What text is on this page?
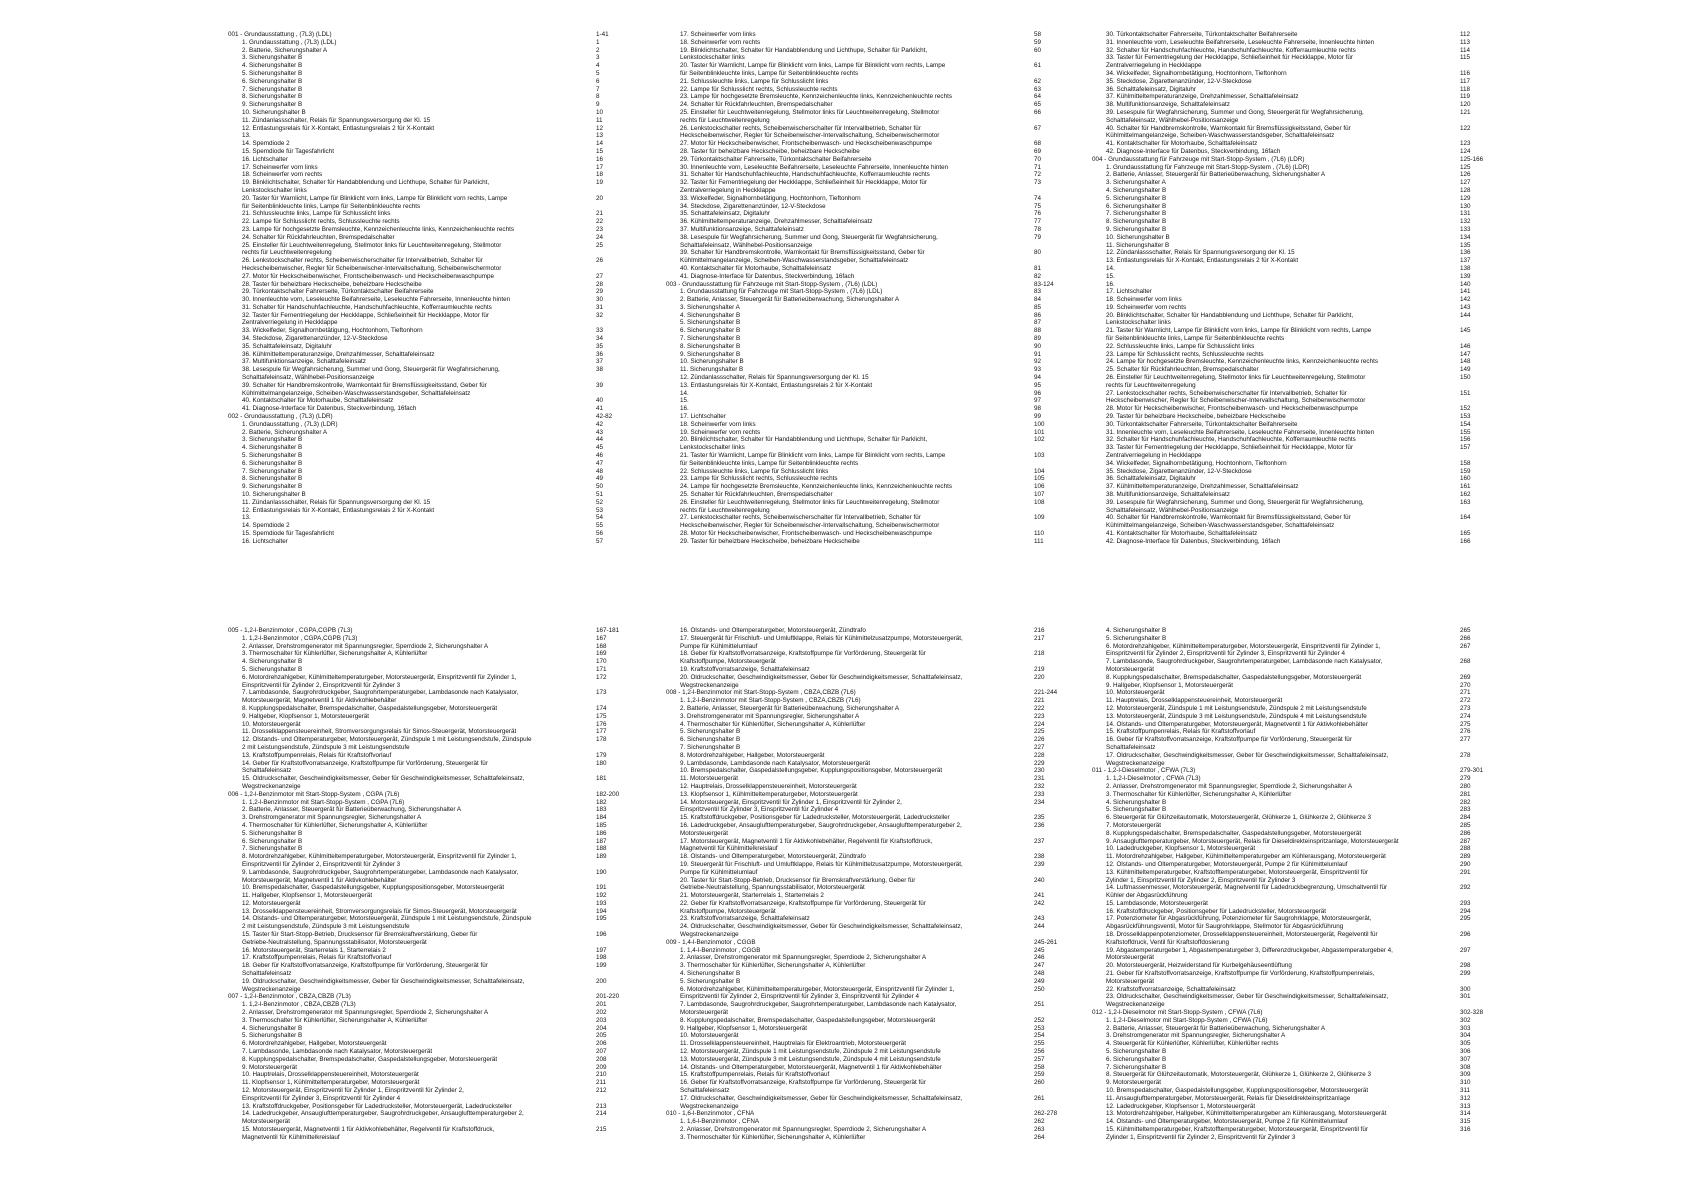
001 - Grundausstattung , (7L3) (LDL)	1-41
1. Grundausstattung , (7L3) (LDL)	1
2. Batterie, Sicherungshalter A	2
3. Sicherungshalter B	3
4. Sicherungshalter B	4
5. Sicherungshalter B	5
6. Sicherungshalter B	6
7. Sicherungshalter B	7
8. Sicherungshalter B	8
9. Sicherungshalter B	9
10. Sicherungshalter B	10
11. Zündanlassschalter, Relais für Spannungsversorgung der Kl. 15	11
12. Entlastungsrelais für X-Kontakt, Entlastungsrelais 2 für X-Kontakt	12
13.	13
14. Spemdiode 2	14
15. Spemdiode für Tagesfahrlicht	15
16. Lichtschalter	16
17. Scheinwerfer vorn links	17
18. Scheinwerfer vorn rechts	18
19. Blinklichtschalter, Schalter für Handabblendung und Lichthupe, Schalter für Parklicht,	19
Lenkstockschalter links
20. Taster für Warnlicht, Lampe für Blinklicht vorn links, Lampe für Blinklicht vorn rechts, Lampe	20
für Seitenblinkleuchte links, Lampe für Seitenblinkleuchte rechts
21. Schlussleuchte links, Lampe für Schlusslicht links	21
22. Lampe für Schlusslicht rechts, Schlussleuchte rechts	22
23. Lampe für hochgesetzte Bremsleuchte, Kennzeichenleuchte links, Kennzeichenleuchte rechts	23
24. Schalter für Rückfahrleuchten, Bremspedalschalter	24
25. Einsteller für Leuchtweitenregelung, Stellmotor links für Leuchtweitenregelung, Stellmotor	25
rechts für Leuchtweitenregelung
26. Lenkstockschalter rechts, Scheibenwischerschalter für Intervallbetrieb, Schalter für	26
Heckscheibenwischer, Regler für Scheibenwischer-Intervallschaltung, Scheibenwischermotor
27. Motor für Heckscheibenwischer, Frontscheibenwasch- und Heckscheibenwaschpumpe	27
28. Taster für beheizbare Heckscheibe, beheizbare Heckscheibe	28
29. Türkontaktschalter Fahrerseite, Türkontaktschalter Beifahrerseite	29
30. Innenleuchte vorn, Leseleuchte Beifahrerseite, Leseleuchte Fahrerseite, Innenleuchte hinten	30
31. Schalter für Handschuhfachleuchte, Handschuhfachleuchte, Kofferraumleuchte rechts	31
32. Taster für Fernentriegelung der Heckklappe, Schließeinheit für Heckklappe, Motor für	32
Zentralverriegelung in Heckklappe
33. Wickelfeder, Signalhornbetätigung, Hochtonhorn, Tieftonhorn	33
34. Steckdose, Zigarettenanzünder, 12-V-Steckdose	34
35. Schalttafeleinsatz, Digitaluhr	35
36. Kühlmitteltemperaturanzeige, Drehzahlmesser, Schalttafeleinsatz	36
37. Multifunktionsanzeige, Schalttafeleinsatz	37
38. Lesespule für Wegfahrsicherung, Summer und Gong, Steuergerät für Wegfahrsicherung,	38
Schalttafeleinsatz, Wählhebel-Positionsanzeige
39. Schalter für Handbremskontrolle, Warnkontakt für Bremsflüssigkeitsstand, Geber für	39
Kühlmittelmangelanzeige, Scheiben-Waschwasserstandsgeber, Schalttafeleinsatz
40. Kontaktschalter für Motorhaube, Schalttafeleinsatz	40
41. Diagnose-Interface für Datenbus, Steckverbindung, 16fach	41
002 - Grundausstattung , (7L3) (LDR)	42-82
1. Grundausstattung , (7L3) (LDR)	42
2. Batterie, Sicherungshalter A	43
3. Sicherungshalter B	44
4. Sicherungshalter B	45
5. Sicherungshalter B	46
6. Sicherungshalter B	47
7. Sicherungshalter B	48
8. Sicherungshalter B	49
9. Sicherungshalter B	50
10. Sicherungshalter B	51
11. Zündanlassschalter, Relais für Spannungsversorgung der Kl. 15	52
12. Entlastungsrelais für X-Kontakt, Entlastungsrelais 2 für X-Kontakt	53
13.	54
14. Spemdiode 2	55
15. Spemdiode für Tagesfahrlicht	56
16. Lichtschalter	57
17. Scheinwerfer vorn links	58
18. Scheinwerfer vorn rechts	59
19. Blinklichtschalter, Schalter für Handabblendung und Lichthupe, Schalter für Parklicht,	60
Lenkstockschalter links
20. Taster für Warnlicht, Lampe für Blinklicht vorn links, Lampe für Blinklicht vorn rechts, Lampe	61
für Seitenblinkleuchte links, Lampe für Seitenblinkleuchte rechts
21. Schlussleuchte links, Lampe für Schlusslicht links	62
22. Lampe für Schlusslicht rechts, Schlussleuchte rechts	63
23. Lampe für hochgesetzte Bremsleuchte, Kennzeichenleuchte links, Kennzeichenleuchte rechts	64
24. Schalter für Rückfahrleuchten, Bremspedalschalter	65
25. Einsteller für Leuchtweitenregelung, Stellmotor links für Leuchtweitenregelung, Stellmotor	66
rechts für Leuchtweitenregelung
26. Lenkstockschalter rechts, Scheibenwischerschalter für Intervallbetrieb, Schalter für	67
Heckscheibenwischer, Regler für Scheibenwischer-Intervallschaltung, Scheibenwischermotor
27. Motor für Heckscheibenwischer, Frontscheibenwasch- und Heckscheibenwaschpumpe	68
28. Taster für beheizbare Heckscheibe, beheizbare Heckscheibe	69
29. Türkontaktschalter Fahrerseite, Türkontaktschalter Beifahrerseite	70
30. Innenleuchte vorn, Leseleuchte Beifahrerseite, Leseleuchte Fahrerseite, Innenleuchte hinten	71
31. Schalter für Handschuhfachleuchte, Handschuhfachleuchte, Kofferraumleuchte rechts	72
32. Taster für Fernentriegelung der Heckklappe, Schließeinheit für Heckklappe, Motor für	73
Zentralverriegelung in Heckklappe
33. Wickelfeder, Signalhornbetätigung, Hochtonhorn, Tieftonhorn	74
34. Steckdose, Zigarettenanzünder, 12-V-Steckdose	75
35. Schalttafeleinsatz, Digitaluhr	76
36. Kühlmitteltemperaturanzeige, Drehzahlmesser, Schalttafeleinsatz	77
37. Multifunktionsanzeige, Schalttafeleinsatz	78
38. Lesespule für Wegfahrsicherung, Summer und Gong, Steuergerät für Wegfahrsicherung,	79
Schalttafeleinsatz, Wählhebel-Positionsanzeige
39. Schalter für Handbremskontrolle, Warnkontakt für Bremsflüssigkeitsstand, Geber für	80
Kühlmittelmangelanzeige, Scheiben-Waschwasserstandsgeber, Schalttafeleinsatz
40. Kontaktschalter für Motorhaube, Schalttafeleinsatz	81
41. Diagnose-Interface für Datenbus, Steckverbindung, 16fach	82
003 - Grundausstattung für Fahrzeuge mit Start-Stopp-System , (7L6) (LDL)	83-124
1. Grundausstattung für Fahrzeuge mit Start-Stopp-System , (7L6) (LDL)	83
2. Batterie, Anlasser, Steuergerät für Batterieüberwachung, Sicherungshalter A	84
3. Sicherungshalter A	85
4. Sicherungshalter B	86
5. Sicherungshalter B	87
6. Sicherungshalter B	88
7. Sicherungshalter B	89
8. Sicherungshalter B	90
9. Sicherungshalter B	91
10. Sicherungshalter B	92
11. Sicherungshalter B	93
12. Zündanlassschalter, Relais für Spannungsversorgung der Kl. 15	94
13. Entlastungsrelais für X-Kontakt, Entlastungsrelais 2 für X-Kontakt	95
14.	96
15.	97
16.	98
17. Lichtschalter	99
18. Scheinwerfer vorn links	100
19. Scheinwerfer vorn rechts	101
20. Blinklichtschalter, Schalter für Handabblendung und Lichthupe, Schalter für Parklicht,	102
Lenkstockschalter links
21. Taster für Warnlicht, Lampe für Blinklicht vorn links, Lampe für Blinklicht vorn rechts, Lampe	103
für Seitenblinkleuchte links, Lampe für Seitenblinkleuchte rechts
22. Schlussleuchte links, Lampe für Schlusslicht links	104
23. Lampe für Schlusslicht rechts, Schlussleuchte rechts	105
24. Lampe für hochgesetzte Bremsleuchte, Kennzeichenleuchte links, Kennzeichenleuchte rechts	106
25. Schalter für Rückfahrleuchten, Bremspedalschalter	107
26. Einsteller für Leuchtweitenregelung, Stellmotor links für Leuchtweitenregelung, Stellmotor	108
rechts für Leuchtweitenregelung
27. Lenkstockschalter rechts, Scheibenwischerschalter für Intervallbetrieb, Schalter für	109
Heckscheibenwischer, Regler für Scheibenwischer-Intervallschaltung, Scheibenwischermotor
28. Motor für Heckscheibenwischer, Frontscheibenwasch- und Heckscheibenwaschpumpe	110
29. Taster für beheizbare Heckscheibe, beheizbare Heckscheibe	111
30. Türkontaktschalter Fahrerseite, Türkontaktschalter Beifahrerseite	112
31. Innenleuchte vorn, Leseleuchte Beifahrerseite, Leseleuchte Fahrerseite, Innenleuchte hinten	113
32. Schalter für Handschuhfachleuchte, Handschuhfachleuchte, Kofferraumleuchte rechts	114
33. Taster für Fernentriegelung der Heckklappe, Schließeinheit für Heckklappe, Motor für	115
Zentralverriegelung in Heckklappe
34. Wickelfeder, Signalhornbetätigung, Hochtonhorn, Tieftonhorn	116
35. Steckdose, Zigarettenanzünder, 12-V-Steckdose	117
36. Schalttafeleinsatz, Digitaluhr	118
37. Kühlmitteltemperaturanzeige, Drehzahlmesser, Schalttafeleinsatz	119
38. Multifunktionsanzeige, Schalttafeleinsatz	120
39. Lesespule für Wegfahrsicherung, Summer und Gong, Steuergerät für Wegfahrsicherung,	121
Schalttafeleinsatz, Wählhebel-Positionsanzeige
40. Schalter für Handbremskontrolle, Warnkontakt für Bremsflüssigkeitsstand, Geber für	122
Kühlmittelmangelanzeige, Scheiben-Waschwasserstandsgeber, Schalttafeleinsatz
41. Kontaktschalter für Motorhaube, Schalttafeleinsatz	123
42. Diagnose-Interface für Datenbus, Steckverbindung, 16fach	124
004 - Grundausstattung für Fahrzeuge mit Start-Stopp-System , (7L6) (LDR)	125-166
1. Grundausstattung für Fahrzeuge mit Start-Stopp-System , (7L6) (LDR)	125
2. Batterie, Anlasser, Steuergerät für Batterieüberwachung, Sicherungshalter A	126
3. Sicherungshalter A	127
4. Sicherungshalter B	128
5. Sicherungshalter B	129
6. Sicherungshalter B	130
7. Sicherungshalter B	131
8. Sicherungshalter B	132
9. Sicherungshalter B	133
10. Sicherungshalter B	134
11. Sicherungshalter B	135
12. Zündanlassschalter, Relais für Spannungsversorgung der Kl. 15	136
13. Entlastungsrelais für X-Kontakt, Entlastungsrelais 2 für X-Kontakt	137
14.	138
15.	139
16.	140
17. Lichtschalter	141
18. Scheinwerfer vorn links	142
19. Scheinwerfer vorn rechts	143
20. Blinklichtschalter, Schalter für Handabblendung und Lichthupe, Schalter für Parklicht,	144
Lenkstockschalter links
21. Taster für Warnlicht, Lampe für Blinklicht vorn links, Lampe für Blinklicht vorn rechts, Lampe	145
für Seitenblinkleuchte links, Lampe für Seitenblinkleuchte rechts
22. Schlussleuchte links, Lampe für Schlusslicht links	146
23. Lampe für Schlusslicht rechts, Schlussleuchte rechts	147
24. Lampe für hochgesetzte Bremsleuchte, Kennzeichenleuchte links, Kennzeichenleuchte rechts	148
25. Schalter für Rückfahrleuchten, Bremspedalschalter	149
26. Einsteller für Leuchtweitenregelung, Stellmotor links für Leuchtweitenregelung, Stellmotor	150
rechts für Leuchtweitenregelung
27. Lenkstockschalter rechts, Scheibenwischerschalter für Intervallbetrieb, Schalter für	151
Heckscheibenwischer, Regler für Scheibenwischer-Intervallschaltung, Scheibenwischermotor
28. Motor für Heckscheibenwischer, Frontscheibenwasch- und Heckscheibenwaschpumpe	152
29. Taster für beheizbare Heckscheibe, beheizbare Heckscheibe	153
30. Türkontaktschalter Fahrerseite, Türkontaktschalter Beifahrerseite	154
31. Innenleuchte vorn, Leseleuchte Beifahrerseite, Leseleuchte Fahrerseite, Innenleuchte hinten	155
32. Schalter für Handschuhfachleuchte, Handschuhfachleuchte, Kofferraumleuchte rechts	156
33. Taster für Fernentriegelung der Heckklappe, Schließeinheit für Heckklappe, Motor für	157
Zentralverriegelung in Heckklappe
34. Wickelfeder, Signalhornbetätigung, Hochtonhorn, Tieftonhorn	158
35. Steckdose, Zigarettenanzünder, 12-V-Steckdose	159
36. Schalttafeleinsatz, Digitaluhr	160
37. Kühlmitteltemperaturanzeige, Drehzahlmesser, Schalttafeleinsatz	161
38. Multifunktionsanzeige, Schalttafeleinsatz	162
39. Lesespule für Wegfahrsicherung, Summer und Gong, Steuergerät für Wegfahrsicherung,	163
Schalttafeleinsatz, Wählhebel-Positionsanzeige
40. Schalter für Handbremskontrolle, Warnkontakt für Bremsflüssigkeitsstand, Geber für	164
Kühlmittelmangelanzeige, Scheiben-Waschwasserstandsgeber, Schalttafeleinsatz
41. Kontaktschalter für Motorhaube, Schalttafeleinsatz	165
42. Diagnose-Interface für Datenbus, Steckverbindung, 16fach	166
005 - 1,2-l-Benzinmotor , CGPA,CGPB (7L3)	167-181
1. 1,2-l-Benzinmotor , CGPA,CGPB (7L3)	167
2. Anlasser, Drehstromgenerator mit Spannungsregler, Sperrdiode 2, Sicherungshalter A	168
3. Thermoschalter für Kühlerlüfter, Sicherungshalter A, Kühlerlüfter	169
4. Sicherungshalter B	170
5. Sicherungshalter B	171
6. Motordrehzahlgeber, Kühlmitteltemperaturgeber, Motorsteuergerät, Einspritzventil für Zylinder 1,	172
Einspritzventil für Zylinder 2, Einspritzventil für Zylinder 3
7. Lambdasonde, Saugrohrdruckgeber, Saugrohrtemperaturgeber, Lambdasonde nach Katalysator,	173
Motorsteuergerät, Magnetventil 1 für Aktivkohlebehälter
8. Kupplungspedalschalter, Bremspedalschalter, Gaspedalstellungsgeber, Motorsteuergerät	174
9. Hallgeber, Klopfsensor 1, Motorsteuergerät	175
10. Motorsteuergerät	176
11. Drosselklappensteuereinheit, Stromversorgungsrelais für Simos-Steuergerät, Motorsteuergerät	177
12. Ölstands- und Öltemperaturgeber, Motorsteuergerät, Zündspule 1 mit Leistungsendstufe, Zündspule	178
2 mit Leistungsendstufe, Zündspule 3 mit Leistungsendstufe
13. Kraftstoffpumpenrelais, Relais für Kraftstoffvorlauf	179
14. Geber für Kraftstoffvorratsanzeige, Kraftstoffpumpe für Vorförderung, Steuergerät für	180
Schalttafeleinsatz
15. Öldruckschalter, Geschwindigkeitsmesser, Geber für Geschwindigkeitsmesser, Schalttafeleinsatz,	181
Wegstreckenanzeige
006 - 1,2-l-Benzinmotor mit Start-Stopp-System , CGPA (7L6)	182-200
1. 1,2-l-Benzinmotor mit Start-Stopp-System , CGPA (7L6)	182
2. Batterie, Anlasser, Steuergerät für Batterieüberwachung, Sicherungshalter A	183
3. Drehstromgenerator mit Spannungsregler, Sicherungshalter A	184
4. Thermoschalter für Kühlerlüfter, Sicherungshalter A, Kühlerlüfter	185
5. Sicherungshalter B	186
6. Sicherungshalter B	187
7. Sicherungshalter B	188
8. Motordrehzahlgeber, Kühlmitteltemperaturgeber, Motorsteuergerät, Einspritzventil für Zylinder 1,	189
Einspritzventil für Zylinder 2, Einspritzventil für Zylinder 3
9. Lambdasonde, Saugrohrdruckgeber, Saugrohrtemperaturgeber, Lambdasonde nach Katalysator,	190
Motorsteuergerät, Magnetventil 1 für Aktivkohlebehälter
10. Bremspedalschalter, Gaspedalstellungsgeber, Kupplungspositionsgeber, Motorsteuergerät	191
11. Hallgeber, Klopfsensor 1, Motorsteuergerät	192
12. Motorsteuergerät	193
13. Drosselklappensteuereinheit, Stromversorgungsrelais für Simos-Steuergerät, Motorsteuergerät	194
14. Ölstands- und Öltemperaturgeber, Motorsteuergerät, Zündspule 1 mit Leistungsendstufe, Zündspule	195
2 mit Leistungsendstufe, Zündspule 3 mit Leistungsendstufe
15. Taster für Start-Stopp-Betrieb, Drucksensor für Bremskraftverstärkung, Geber für	196
Getriebe-Neutralstellung, Spannungsstabilisator, Motorsteuergerät
16. Motorsteuergerät, Starterrelais 1, Starterrelais 2	197
17. Kraftstoffpumpenrelais, Relais für Kraftstoffvorlauf	198
18. Geber für Kraftstoffvorratsanzeige, Kraftstoffpumpe für Vorförderung, Steuergerät für	199
Schalttafeleinsatz
19. Öldruckschalter, Geschwindigkeitsmesser, Geber für Geschwindigkeitsmesser, Schalttafeleinsatz,	200
Wegstreckenanzeige
007 - 1,2-l-Benzinmotor , CBZA,CBZB (7L3)	201-220
1. 1,2-l-Benzinmotor , CBZA,CBZB (7L3)	201
2. Anlasser, Drehstromgenerator mit Spannungsregler, Sperrdiode 2, Sicherungshalter A	202
3. Thermoschalter für Kühlerlüfter, Sicherungshalter A, Kühlerlüfter	203
4. Sicherungshalter B	204
5. Sicherungshalter B	205
6. Motordrehzahlgeber, Hallgeber, Motorsteuergerät	206
7. Lambdasonde, Lambdasonde nach Katalysator, Motorsteuergerät	207
8. Kupplungspedalschalter, Bremspedalschalter, Gaspedalstellungsgeber, Motorsteuergerät	208
9. Motorsteuergerät	209
10. Hauptrelais, Drosselklappensteuereinheit, Motorsteuergerät	210
11. Klopfsensor 1, Kühlmitteltemperaturgeber, Motorsteuergerät	211
12. Motorsteuergerät, Einspritzventil für Zylinder 1, Einspritzventil für Zylinder 2,	212
Einspritzventil für Zylinder 3, Einspritzventil für Zylinder 4
13. Kraftstoffdruckgeber, Positionsgeber für Ladedrucksteller, Motorsteuergerät, Ladedrucksteller	213
14. Ladedruckgeber, Ansauglufttemperaturgeber, Saugrohrdruckgeber, Ansauglufttemperaturgeber 2,	214
Motorsteuergerät
15. Motorsteuergerät, Magnetventil 1 für Aktivkohlebehälter, Regelventil für Kraftstoffdruck,	215
Magnetventil für Kühlmittelkreislauf
16. Ölstands- und Öltemperaturgeber, Motorsteuergerät, Zündtrafo	216
17. Steuergerät für Frischluft- und Umluftklappe, Relais für Kühlmittelzusatzpumpe, Motorsteuergerät,	217
Pumpe für Kühlmittelumlauf
18. Geber für Kraftstoffvorratsanzeige, Kraftstoffpumpe für Vorförderung, Steuergerät für	218
Kraftstoffpumpe, Motorsteuergerät
19. Kraftstoffvorratsanzeige, Schalttafeleinsatz	219
20. Öldruckschalter, Geschwindigkeitsmesser, Geber für Geschwindigkeitsmesser, Schalttafeleinsatz,	220
Wegstreckenanzeige
008 - 1,2-l-Benzinmotor mit Start-Stopp-System , CBZA,CBZB (7L6)	221-244
1. 1,2-l-Benzinmotor mit Start-Stopp-System , CBZA,CBZB (7L6)	221
2. Batterie, Anlasser, Steuergerät für Batterieüberwachung, Sicherungshalter A	222
3. Drehstromgenerator mit Spannungsregler, Sicherungshalter A	223
4. Thermoschalter für Kühlerlüfter, Sicherungshalter A, Kühlerlüfter	224
5. Sicherungshalter B	225
6. Sicherungshalter B	226
7. Sicherungshalter B	227
8. Motordrehzahlgeber, Hallgeber, Motorsteuergerät	228
9. Lambdasonde, Lambdasonde nach Katalysator, Motorsteuergerät	229
10. Bremspedalschalter, Gaspedalstellungsgeber, Kupplungspositionsgeber, Motorsteuergerät	230
11. Motorsteuergerät	231
12. Hauptrelais, Drosselklappensteuereinheit, Motorsteuergerät	232
13. Klopfsensor 1, Kühlmitteltemperaturgeber, Motorsteuergerät	233
14. Motorsteuergerät, Einspritzventil für Zylinder 1, Einspritzventil für Zylinder 2,	234
Einspritzventil für Zylinder 3, Einspritzventil für Zylinder 4
15. Kraftstoffdruckgeber, Positionsgeber für Ladedrucksteller, Motorsteuergerät, Ladedrucksteller	235
16. Ladedruckgeber, Ansauglufttemperaturgeber, Saugrohrdruckgeber, Ansauglufttemperaturgeber 2,	236
Motorsteuergerät
17. Motorsteuergerät, Magnetventil 1 für Aktivkohlebehälter, Regelventil für Kraftstoffdruck,	237
Magnetventil für Kühlmittelkreislauf
18. Ölstands- und Öltemperaturgeber, Motorsteuergerät, Zündtrafo	238
19. Steuergerät für Frischluft- und Umluftklappe, Relais für Kühlmittelzusatzpumpe, Motorsteuergerät,	239
Pumpe für Kühlmittelumlauf
20. Taster für Start-Stopp-Betrieb, Drucksensor für Bremskraftverstärkung, Geber für	240
Getriebe-Neutralstellung, Spannungsstabilisator, Motorsteuergerät
21. Motorsteuergerät, Starterrelais 1, Starterrelais 2	241
22. Geber für Kraftstoffvorratsanzeige, Kraftstoffpumpe für Vorförderung, Steuergerät für	242
Kraftstoffpumpe, Motorsteuergerät
23. Kraftstoffvorratsanzeige, Schalttafeleinsatz	243
24. Öldruckschalter, Geschwindigkeitsmesser, Geber für Geschwindigkeitsmesser, Schalttafeleinsatz,	244
Wegstreckenanzeige
009 - 1,4-l-Benzinmotor , CGGB	245-261
1. 1,4-l-Benzinmotor , CGGB	245
2. Anlasser, Drehstromgenerator mit Spannungsregler, Sperrdiode 2, Sicherungshalter A	246
3. Thermoschalter für Kühlerlüfter, Sicherungshalter A, Kühlerlüfter	247
4. Sicherungshalter B	248
5. Sicherungshalter B	249
6. Motordrehzahlgeber, Kühlmitteltemperaturgeber, Motorsteuergerät, Einspritzventil für Zylinder 1,	250
Einspritzventil für Zylinder 2, Einspritzventil für Zylinder 3, Einspritzventil für Zylinder 4
7. Lambdasonde, Saugrohrdruckgeber, Saugrohrtemperaturgeber, Lambdasonde nach Katalysator,	251
Motorsteuergerät
8. Kupplungspedalschalter, Bremspedalschalter, Gaspedalstellungsgeber, Motorsteuergerät	252
9. Hallgeber, Klopfsensor 1, Motorsteuergerät	253
10. Motorsteuergerät	254
11. Drosselklappensteuereinheit, Hauptrelais für Elektroantrieb, Motorsteuergerät	255
12. Motorsteuergerät, Zündspule 1 mit Leistungsendstufe, Zündspule 2 mit Leistungsendstufe	256
13. Motorsteuergerät, Zündspule 3 mit Leistungsendstufe, Zündspule 4 mit Leistungsendstufe	257
14. Ölstands- und Öltemperaturgeber, Motorsteuergerät, Magnetventil 1 für Aktivkohlebehälter	258
15. Kraftstoffpumpenrelais, Relais für Kraftstoffvorlauf	259
16. Geber für Kraftstoffvorratsanzeige, Kraftstoffpumpe für Vorförderung, Steuergerät für	260
Schalttafeleinsatz
17. Öldruckschalter, Geschwindigkeitsmesser, Geber für Geschwindigkeitsmesser, Schalttafeleinsatz,	261
Wegstreckenanzeige
010 - 1,6-l-Benzinmotor , CFNA	262-278
1. 1,6-l-Benzinmotor , CFNA	262
2. Anlasser, Drehstromgenerator mit Spannungsregler, Sperrdiode 2, Sicherungshalter A	263
3. Thermoschalter für Kühlerlüfter, Sicherungshalter A, Kühlerlüfter	264
4. Sicherungshalter B	265
5. Sicherungshalter B	266
6. Motordrehzahlgeber, Kühlmitteltemperaturgeber, Motorsteuergerät, Einspritzventil für Zylinder 1,	267
Einspritzventil für Zylinder 2, Einspritzventil für Zylinder 3, Einspritzventil für Zylinder 4
7. Lambdasonde, Saugrohrdruckgeber, Saugrohrtemperaturgeber, Lambdasonde nach Katalysator,	268
Motorsteuergerät
8. Kupplungspedalschalter, Bremspedalschalter, Gaspedalstellungsgeber, Motorsteuergerät	269
9. Hallgeber, Klopfsensor 1, Motorsteuergerät	270
10. Motorsteuergerät	271
11. Hauptrelais, Drosselklappensteuereinheit, Motorsteuergerät	272
12. Motorsteuergerät, Zündspule 1 mit Leistungsendstufe, Zündspule 2 mit Leistungsendstufe	273
13. Motorsteuergerät, Zündspule 3 mit Leistungsendstufe, Zündspule 4 mit Leistungsendstufe	274
14. Ölstands- und Öltemperaturgeber, Motorsteuergerät, Magnetventil 1 für Aktivkohlebehälter	275
15. Kraftstoffpumpenrelais, Relais für Kraftstoffvorlauf	276
16. Geber für Kraftstoffvorratsanzeige, Kraftstoffpumpe für Vorförderung, Steuergerät für	277
Schalttafeleinsatz
17. Öldruckschalter, Geschwindigkeitsmesser, Geber für Geschwindigkeitsmesser, Schalttafeleinsatz,	278
Wegstreckenanzeige
011 - 1,2-l-Dieselmotor , CFWA (7L3)	279-301
1. 1,2-l-Dieselmotor , CFWA (7L3)	279
2. Anlasser, Drehstromgenerator mit Spannungsregler, Sperrdiode 2, Sicherungshalter A	280
3. Thermoschalter für Kühlerlüfter, Sicherungshalter A, Kühlerlüfter	281
4. Sicherungshalter B	282
5. Sicherungshalter B	283
6. Steuergerät für Glühzeitautomatik, Motorsteuergerät, Glühkerze 1, Glühkerze 2, Glühkerze 3	284
7. Motorsteuergerät	285
8. Kupplungspedalschalter, Bremspedalschalter, Gaspedalstellungsgeber, Motorsteuergerät	286
9. Ansauglufttemperaturgeber, Motorsteuergerät, Relais für Dieseldirekteinspritzanlage, Motorsteuergerät	287
10. Ladedruckgeber, Klopfsensor 1, Motorsteuergerät	288
11. Motordrehzahlgeber, Hallgeber, Kühlmitteltemperaturgeber am Kühlerausgang, Motorsteuergerät	289
12. Ölstands- und Öltemperaturgeber, Motorsteuergerät, Pumpe 2 für Kühlmittelumlauf	290
13. Kühlmitteltemperaturgeber, Kraftstofftemperaturgeber, Motorsteuergerät, Einspritzventil für	291
Zylinder 1, Einspritzventil für Zylinder 2, Einspritzventil für Zylinder 3
14. Luftmassenmesser, Motorsteuergerät, Magnetventil für Ladedruckbegrenzung, Umschaltventil für	292
Kühler der Abgasrückführung
15. Lambdasonde, Motorsteuergerät	293
16. Kraftstoffdruckgeber, Positionsgeber für Ladedrucksteller, Motorsteuergerät	294
17. Potenziometer für Abgasrückführung, Potenziometer für Saugrohrklappe, Motorsteuergerät,	295
Abgasrückführungsventil, Motor für Saugrohrklappe, Stellmotor für Abgasrückführung
18. Drosselklappenpotenziometer, Drosselklappensteuereinheit, Motorsteuergerät, Regelventil für	296
Kraftstoffdruck, Ventil für Kraftstoffdosierung
19. Abgastemperaturgeber 1, Abgastemperaturgeber 3, Differenzdruckgeber, Abgastemperaturgeber 4,	297
Motorsteuergerät
20. Motorsteuergerät, Heizwiderstand für Kurbelgehäuseentlüftung	298
21. Geber für Kraftstoffvorratsanzeige, Kraftstoffpumpe für Vorförderung, Kraftstoffpumpenrelais,	299
Motorsteuergerät
22. Kraftstoffvorratsanzeige, Schalttafeleinsatz	300
23. Öldruckschalter, Geschwindigkeitsmesser, Geber für Geschwindigkeitsmesser, Schalttafeleinsatz,	301
Wegstreckenanzeige
012 - 1,2-l-Dieselmotor mit Start-Stopp-System , CFWA (7L6)	302-328
1. 1,2-l-Dieselmotor mit Start-Stopp-System , CFWA (7L6)	302
2. Batterie, Anlasser, Steuergerät für Batterieüberwachung, Sicherungshalter A	303
3. Drehstromgenerator mit Spannungsregler, Sicherungshalter A	304
4. Steuergerät für Kühlerlüfter, Kühlerlüfter, Kühlerlüfter rechts	305
5. Sicherungshalter B	306
6. Sicherungshalter B	307
7. Sicherungshalter B	308
8. Steuergerät für Glühzeitautomatik, Motorsteuergerät, Glühkerze 1, Glühkerze 2, Glühkerze 3	309
9. Motorsteuergerät	310
10. Bremspedalschalter, Gaspedalstellungsgeber, Kupplungspositionsgeber, Motorsteuergerät	311
11. Ansauglufttemperaturgeber, Motorsteuergerät, Relais für Dieseldirekteinspritzanlage	312
12. Ladedruckgeber, Klopfsensor 1, Motorsteuergerät	313
13. Motordrehzahlgeber, Hallgeber, Kühlmitteltemperaturgeber am Kühlerausgang, Motorsteuergerät	314
14. Ölstands- und Öltemperaturgeber, Motorsteuergerät, Pumpe 2 für Kühlmittelumlauf	315
15. Kühlmitteltemperaturgeber, Kraftstofftemperaturgeber, Motorsteuergerät, Einspritzventil für	316
Zylinder 1, Einspritzventil für Zylinder 2, Einspritzventil für Zylinder 3
